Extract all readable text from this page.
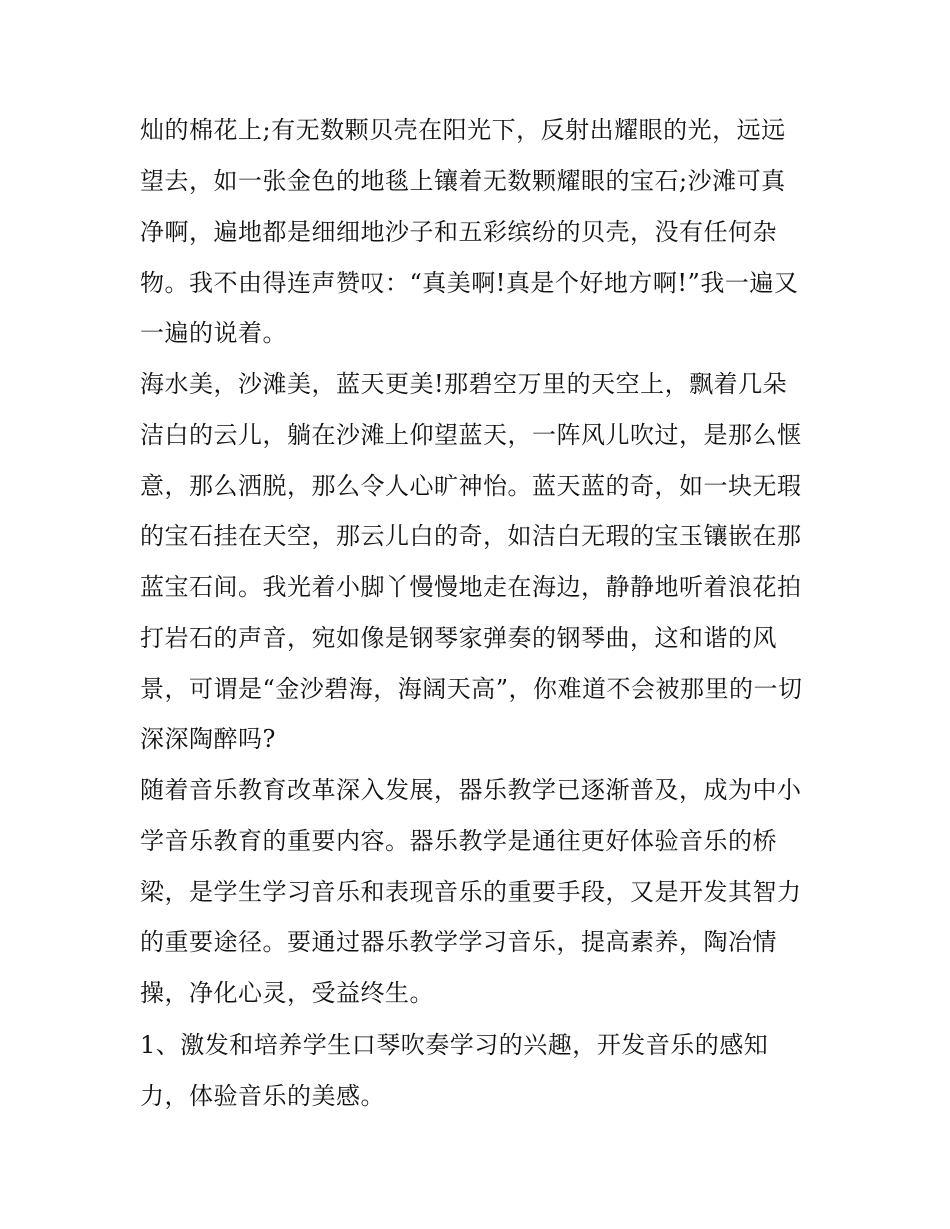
灿的棉花上;有无数颗贝壳在阳光下，反射出耀眼的光，远远

望去，如一张金色的地毯上镶着无数颗耀眼的宝石;沙滩可真

净啊，遍地都是细细地沙子和五彩缤纷的贝壳，没有任何杂

物。我不由得连声赞叹：“真美啊!真是个好地方啊!”我一遍又

一遍的说着。

海水美，沙滩美，蓝天更美!那碧空万里的天空上，飘着几朵

洁白的云儿，躺在沙滩上仰望蓝天，一阵风儿吹过，是那么惬

意，那么洒脱，那么令人心旷神怡。蓝天蓝的奇，如一块无瑕

的宝石挂在天空，那云儿白的奇，如洁白无瑕的宝玉镶嵌在那

蓝宝石间。我光着小脚丫慢慢地走在海边，静静地听着浪花拍

打岩石的声音，宛如像是钢琴家弹奏的钢琴曲，这和谐的风

景，可谓是“金沙碧海，海阔天高”，你难道不会被那里的一切

深深陶醉吗?

随着音乐教育改革深入发展，器乐教学已逐渐普及，成为中小

学音乐教育的重要内容。器乐教学是通往更好体验音乐的桥

梁，是学生学习音乐和表现音乐的重要手段，又是开发其智力

的重要途径。要通过器乐教学学习音乐，提高素养，陶冶情

操，净化心灵，受益终生。

1、激发和培养学生口琴吹奏学习的兴趣，开发音乐的感知

力，体验音乐的美感。
